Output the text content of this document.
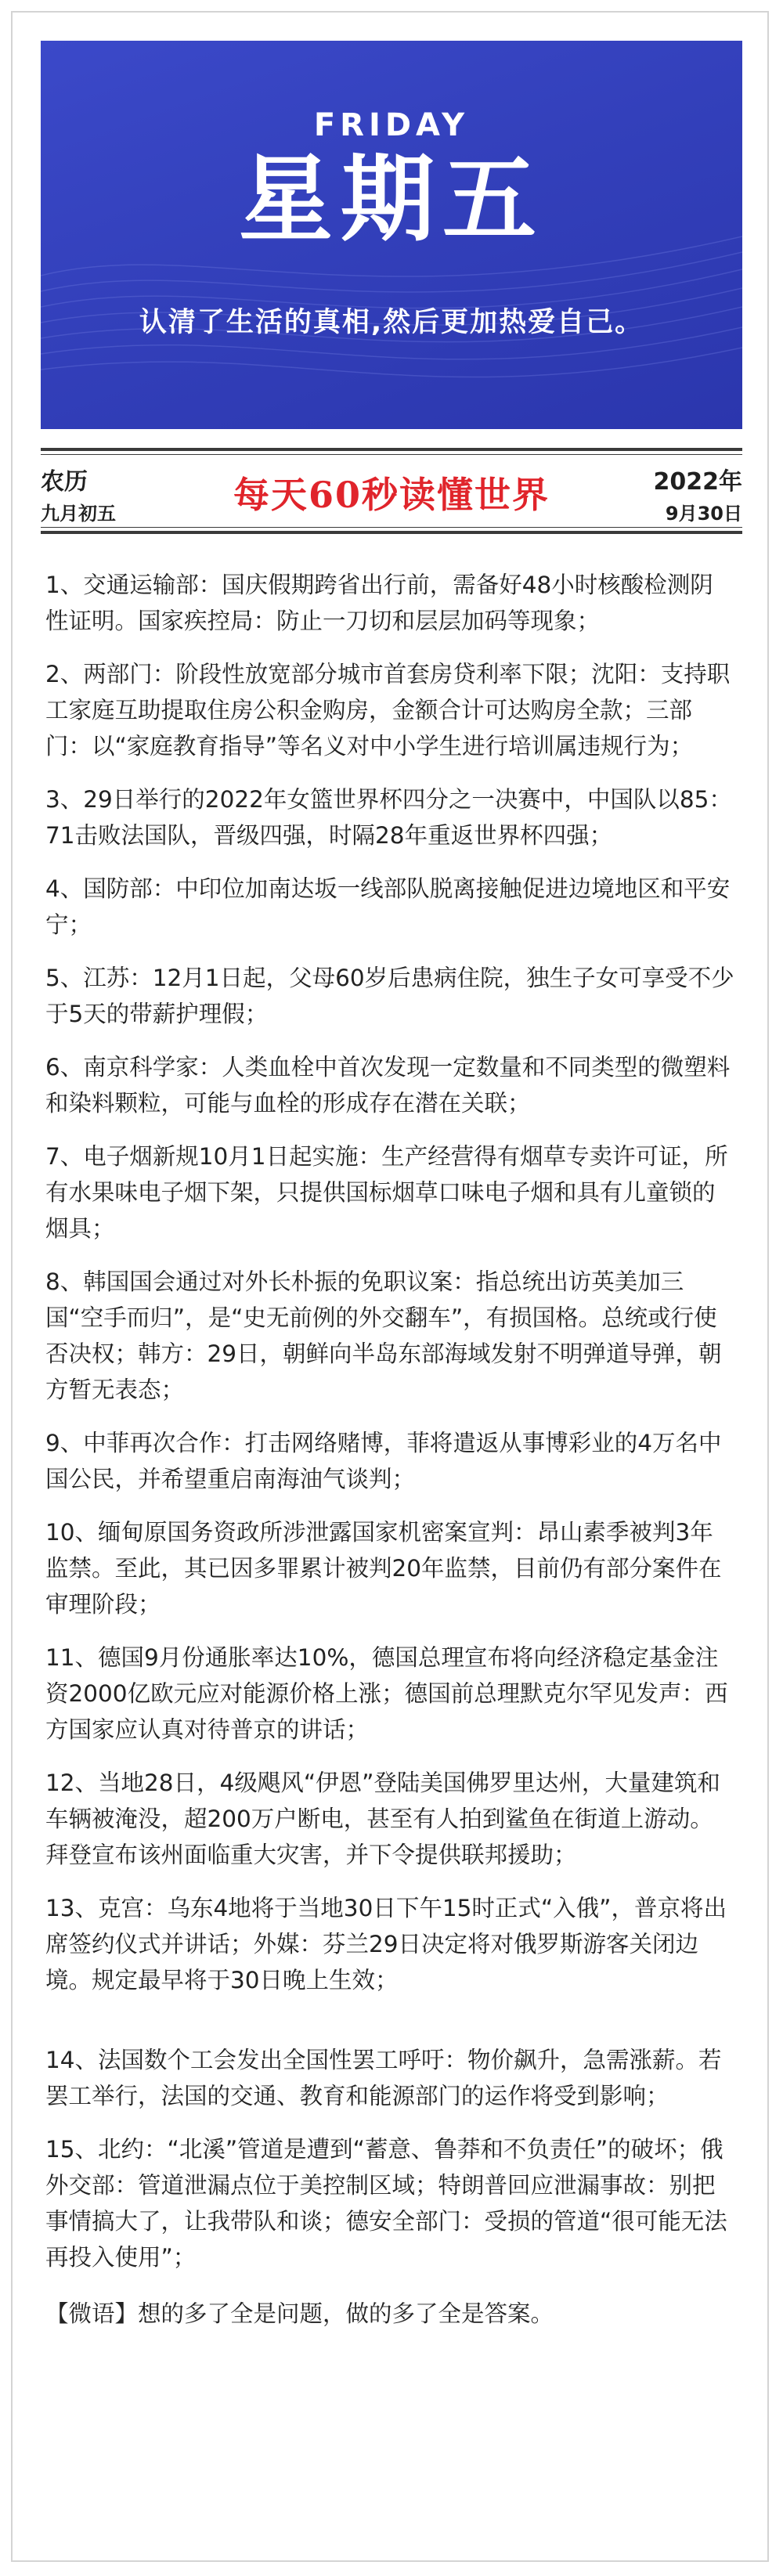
FRIDAY
星期五
认清了生活的真相,然后更加热爱自己。
农历
九月初五	每天60秒读懂世界	2022年
9月30日
1、交通运输部：国庆假期跨省出行前，需备好48小时核酸检测阴性证明。国家疾控局：防止一刀切和层层加码等现象；
2、两部门：阶段性放宽部分城市首套房贷利率下限；沈阳：支持职工家庭互助提取住房公积金购房，金额合计可达购房全款；三部门：以“家庭教育指导”等名义对中小学生进行培训属违规行为；
3、29日举行的2022年女篮世界杯四分之一决赛中，中国队以85：71击败法国队，晋级四强，时隔28年重返世界杯四强；
4、国防部：中印位加南达坂一线部队脱离接触促进边境地区和平安宁；
5、江苏：12月1日起，父母60岁后患病住院，独生子女可享受不少于5天的带薪护理假；
6、南京科学家：人类血栓中首次发现一定数量和不同类型的微塑料和染料颗粒，可能与血栓的形成存在潜在关联；
7、电子烟新规10月1日起实施：生产经营得有烟草专卖许可证，所有水果味电子烟下架，只提供国标烟草口味电子烟和具有儿童锁的烟具；
8、韩国国会通过对外长朴振的免职议案：指总统出访英美加三国“空手而归”，是“史无前例的外交翻车”，有损国格。总统或行使否决权；韩方：29日，朝鲜向半岛东部海域发射不明弹道导弹，朝方暂无表态；
9、中菲再次合作：打击网络赌博，菲将遣返从事博彩业的4万名中国公民，并希望重启南海油气谈判；
10、缅甸原国务资政所涉泄露国家机密案宣判：昂山素季被判3年监禁。至此，其已因多罪累计被判20年监禁，目前仍有部分案件在审理阶段；
11、德国9月份通胀率达10%，德国总理宣布将向经济稳定基金注资2000亿欧元应对能源价格上涨；德国前总理默克尔罕见发声：西方国家应认真对待普京的讲话；
12、当地28日，4级飓风“伊恩”登陆美国佛罗里达州，大量建筑和车辆被淹没，超200万户断电，甚至有人拍到鲨鱼在街道上游动。拜登宣布该州面临重大灾害，并下令提供联邦援助；
13、克宫：乌东4地将于当地30日下午15时正式“入俄”，普京将出席签约仪式并讲话；外媒：芬兰29日决定将对俄罗斯游客关闭边境。规定最早将于30日晚上生效；
14、法国数个工会发出全国性罢工呼吁：物价飙升，急需涨薪。若罢工举行，法国的交通、教育和能源部门的运作将受到影响；
15、北约：“北溪”管道是遭到“蓄意、鲁莽和不负责任”的破坏；俄外交部：管道泄漏点位于美控制区域；特朗普回应泄漏事故：别把事情搞大了，让我带队和谈；德安全部门：受损的管道“很可能无法再投入使用”；
【微语】想的多了全是问题，做的多了全是答案。
